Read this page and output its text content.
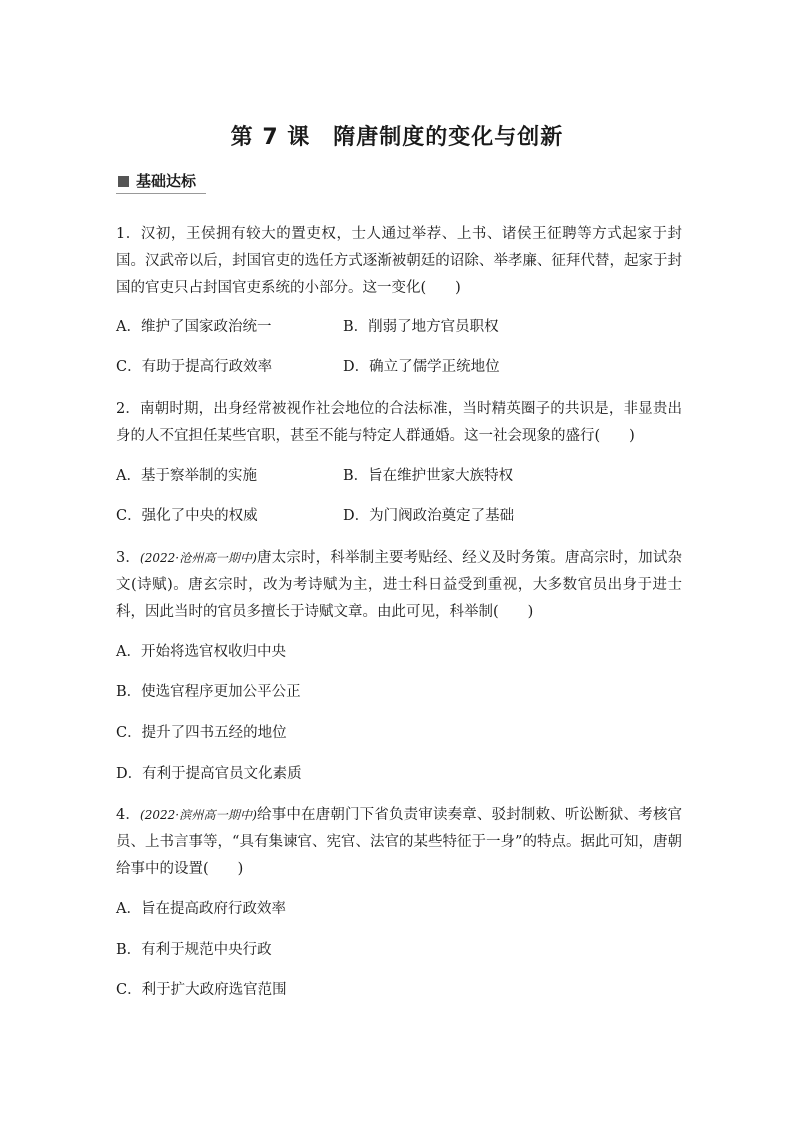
第 7 课　隋唐制度的变化与创新
基础达标
1．汉初，王侯拥有较大的置吏权，士人通过举荐、上书、诸侯王征聘等方式起家于封国。汉武帝以后，封国官吏的选任方式逐渐被朝廷的诏除、举孝廉、征拜代替，起家于封国的官吏只占封国官吏系统的小部分。这一变化(　　)
A．维护了国家政治统一	B．削弱了地方官员职权
C．有助于提高行政效率	D．确立了儒学正统地位
2．南朝时期，出身经常被视作社会地位的合法标准，当时精英圈子的共识是，非显贵出身的人不宜担任某些官职，甚至不能与特定人群通婚。这一社会现象的盛行(　　)
A．基于察举制的实施	B．旨在维护世家大族特权
C．强化了中央的权威	D．为门阀政治奠定了基础
3．(2022·沧州高一期中)唐太宗时，科举制主要考贴经、经义及时务策。唐高宗时，加试杂文(诗赋)。唐玄宗时，改为考诗赋为主，进士科日益受到重视，大多数官员出身于进士科，因此当时的官员多擅长于诗赋文章。由此可见，科举制(　　)
A．开始将选官权收归中央
B．使选官程序更加公平公正
C．提升了四书五经的地位
D．有利于提高官员文化素质
4．(2022·滨州高一期中)给事中在唐朝门下省负责审读奏章、驳封制敕、听讼断狱、考核官员、上书言事等，“具有集谏官、宪官、法官的某些特征于一身”的特点。据此可知，唐朝给事中的设置(　　)
A．旨在提高政府行政效率
B．有利于规范中央行政
C．利于扩大政府选官范围
